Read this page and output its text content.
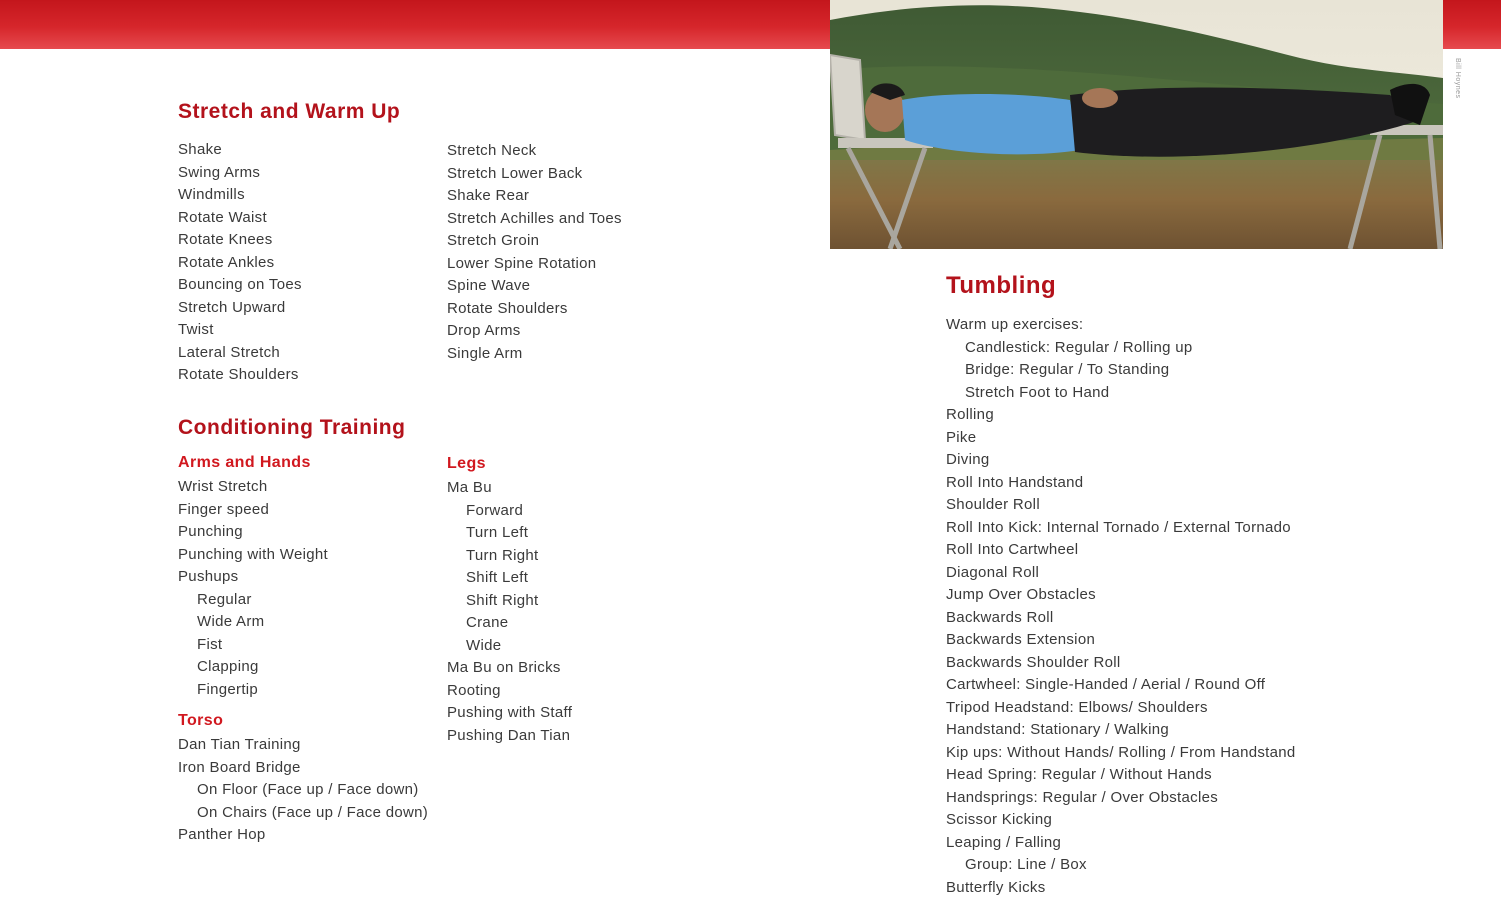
Bill Hoynes
Stretch and Warm Up
Shake
Swing Arms
Windmills
Rotate Waist
Rotate Knees
Rotate Ankles
Bouncing on Toes
Stretch Upward
Twist
Lateral Stretch
Rotate Shoulders
Stretch Neck
Stretch Lower Back
Shake Rear
Stretch Achilles and Toes
Stretch Groin
Lower Spine Rotation
Spine Wave
Rotate Shoulders
Drop Arms
Single Arm
Conditioning Training
Arms and Hands
Wrist Stretch
Finger speed
Punching
Punching with Weight
Pushups
Regular
Wide Arm
Fist
Clapping
Fingertip
Torso
Dan Tian Training
Iron Board Bridge
On Floor (Face up / Face down)
On Chairs (Face up / Face down)
Panther Hop
Legs
Ma Bu
Forward
Turn Left
Turn Right
Shift Left
Shift Right
Crane
Wide
Ma Bu on Bricks
Rooting
Pushing with Staff
Pushing Dan Tian
Tumbling
Warm up exercises:
Candlestick: Regular / Rolling up
Bridge: Regular / To Standing
Stretch Foot to Hand
Rolling
Pike
Diving
Roll Into Handstand
Shoulder Roll
Roll Into Kick: Internal Tornado / External Tornado
Roll Into Cartwheel
Diagonal Roll
Jump Over Obstacles
Backwards Roll
Backwards Extension
Backwards Shoulder Roll
Cartwheel: Single-Handed / Aerial / Round Off
Tripod Headstand: Elbows/ Shoulders
Handstand: Stationary / Walking
Kip ups: Without Hands/ Rolling / From Handstand
Head Spring: Regular / Without Hands
Handsprings: Regular / Over Obstacles
Scissor Kicking
Leaping / Falling
Group: Line / Box
Butterfly Kicks
